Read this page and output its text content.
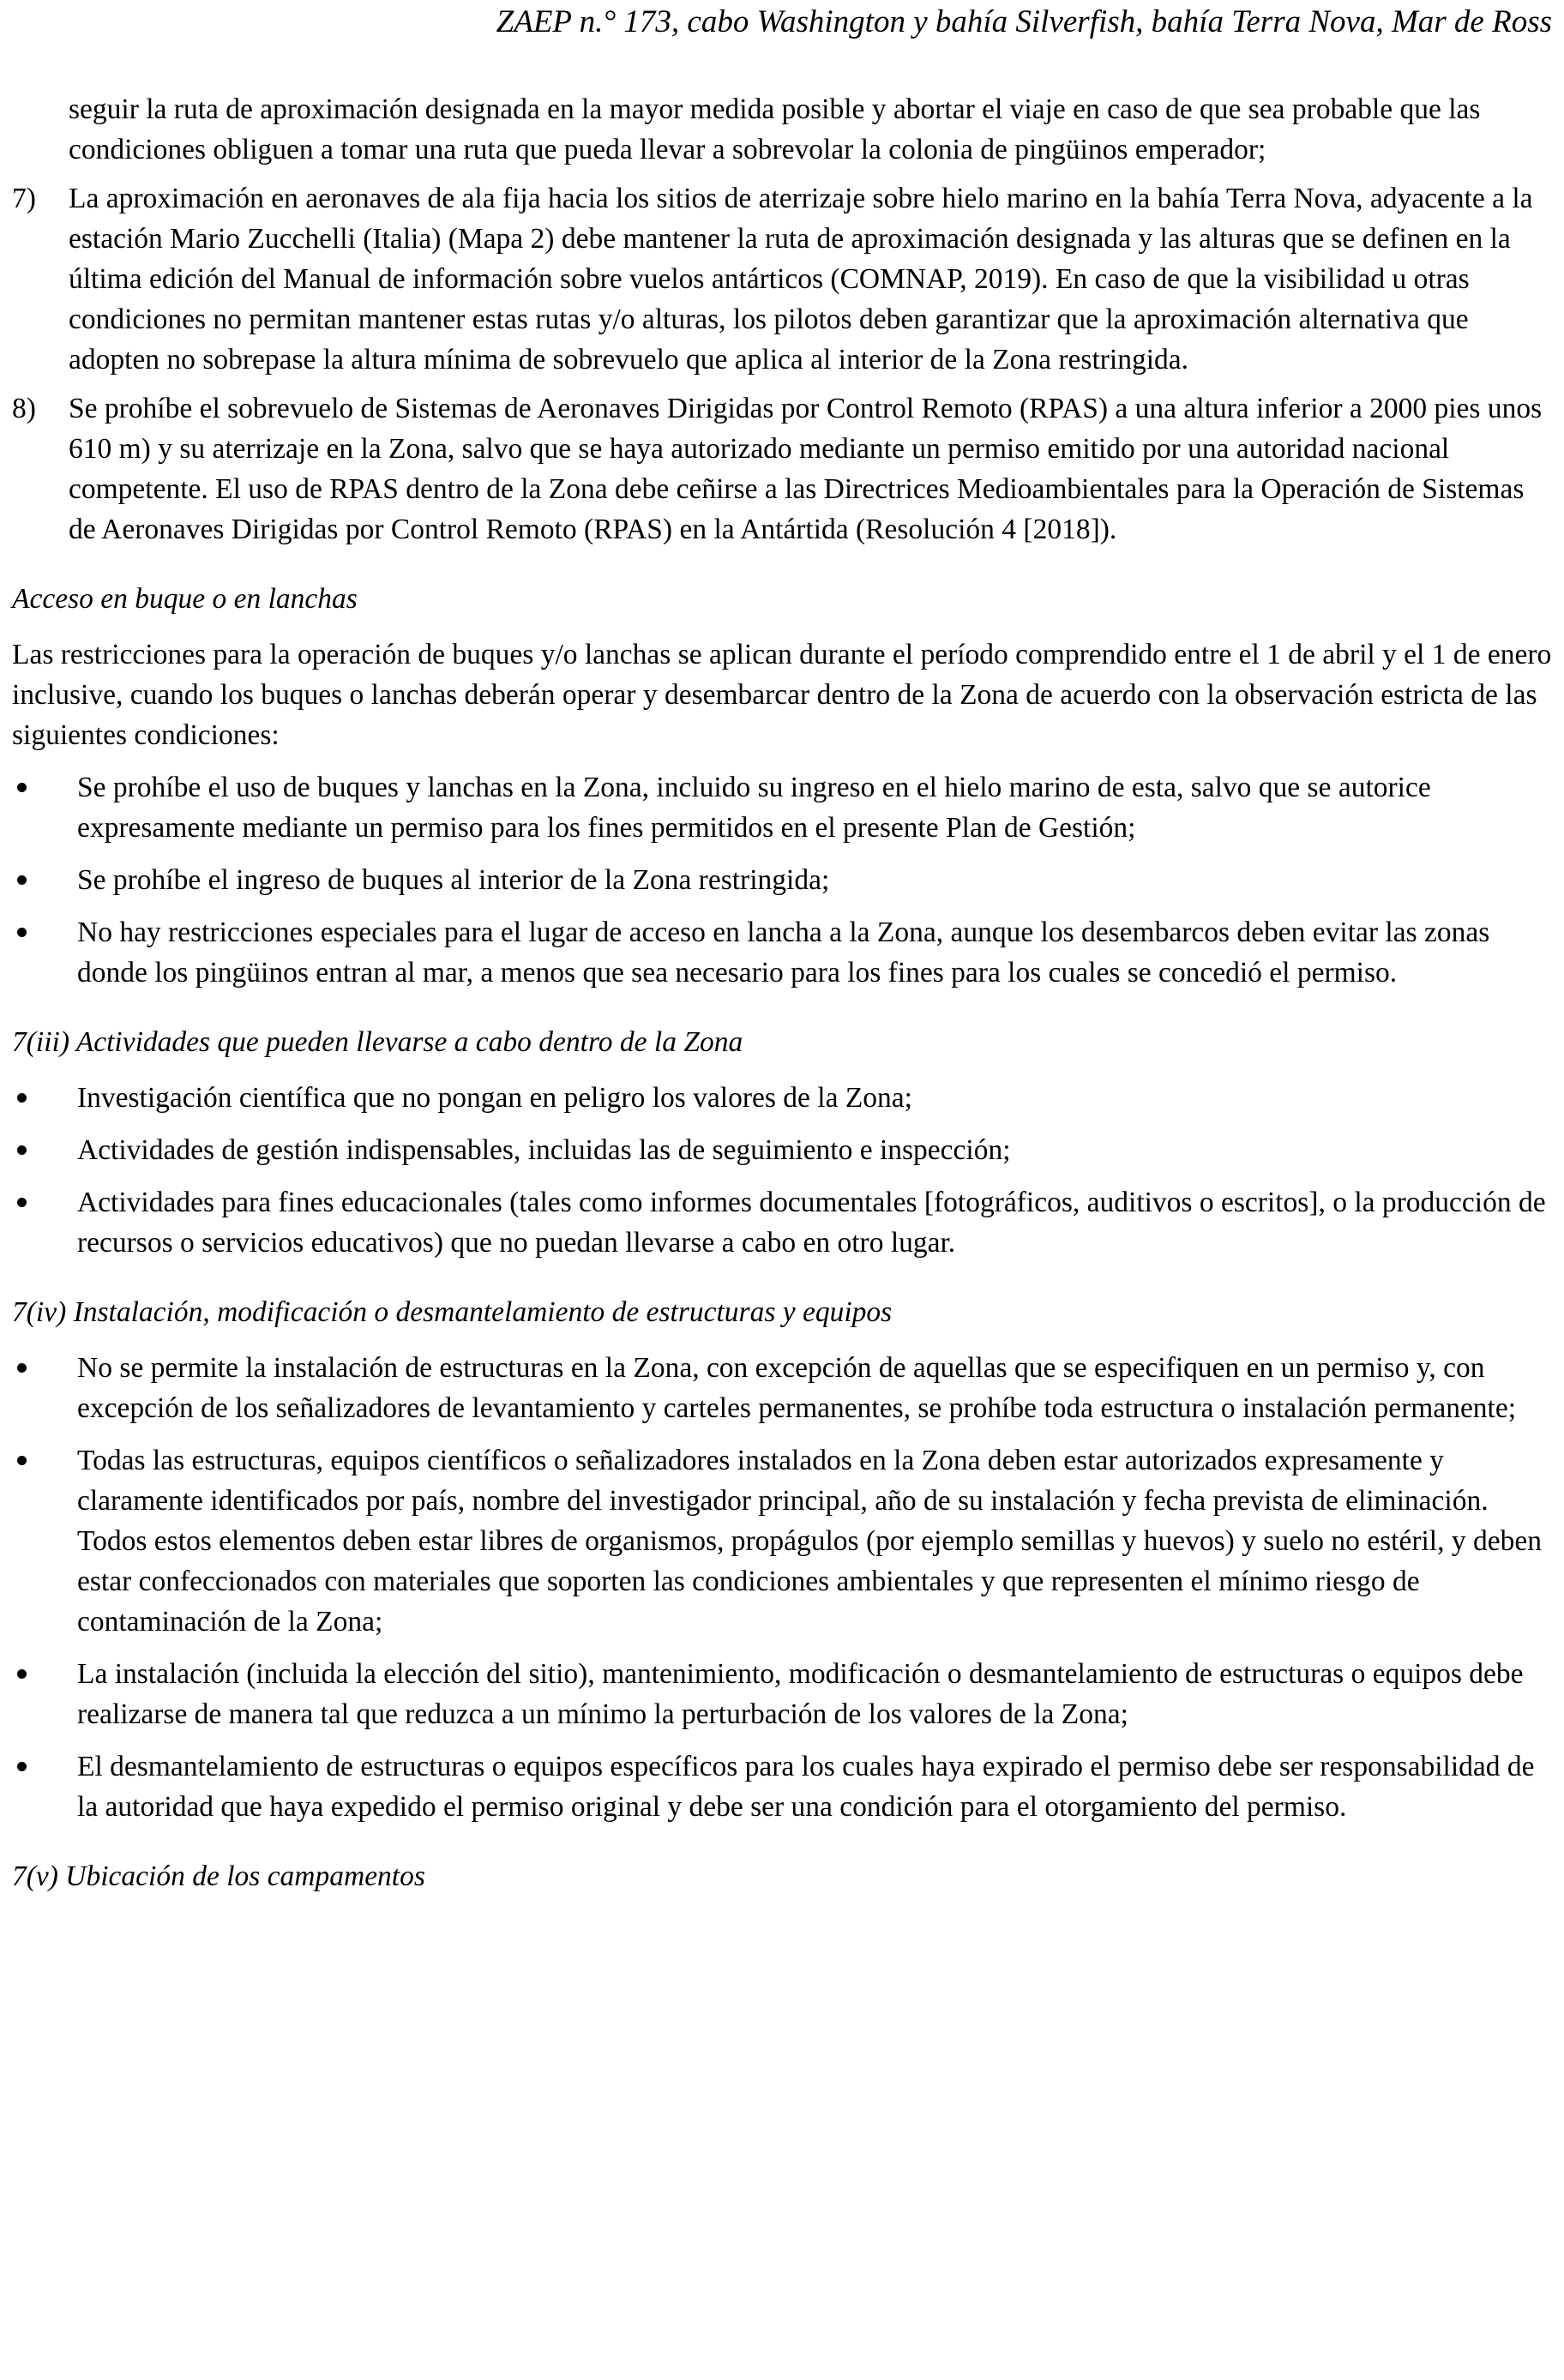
ZAEP n.° 173, cabo Washington y bahía Silverfish, bahía Terra Nova, Mar de Ross

seguir la ruta de aproximación designada en la mayor medida posible y abortar el viaje en caso de que sea probable que las condiciones obliguen a tomar una ruta que pueda llevar a sobrevolar la colonia de pingüinos emperador;

7) La aproximación en aeronaves de ala fija hacia los sitios de aterrizaje sobre hielo marino en la bahía Terra Nova, adyacente a la estación Mario Zucchelli (Italia) (Mapa 2) debe mantener la ruta de aproximación designada y las alturas que se definen en la última edición del Manual de información sobre vuelos antárticos (COMNAP, 2019). En caso de que la visibilidad u otras condiciones no permitan mantener estas rutas y/o alturas, los pilotos deben garantizar que la aproximación alternativa que adopten no sobrepase la altura mínima de sobrevuelo que aplica al interior de la Zona restringida.

8) Se prohíbe el sobrevuelo de Sistemas de Aeronaves Dirigidas por Control Remoto (RPAS) a una altura inferior a 2000 pies unos 610 m) y su aterrizaje en la Zona, salvo que se haya autorizado mediante un permiso emitido por una autoridad nacional competente. El uso de RPAS dentro de la Zona debe ceñirse a las Directrices Medioambientales para la Operación de Sistemas de Aeronaves Dirigidas por Control Remoto (RPAS) en la Antártida (Resolución 4 [2018]).

Acceso en buque o en lanchas

Las restricciones para la operación de buques y/o lanchas se aplican durante el período comprendido entre el 1 de abril y el 1 de enero inclusive, cuando los buques o lanchas deberán operar y desembarcar dentro de la Zona de acuerdo con la observación estricta de las siguientes condiciones:

Se prohíbe el uso de buques y lanchas en la Zona, incluido su ingreso en el hielo marino de esta, salvo que se autorice expresamente mediante un permiso para los fines permitidos en el presente Plan de Gestión;

Se prohíbe el ingreso de buques al interior de la Zona restringida;

No hay restricciones especiales para el lugar de acceso en lancha a la Zona, aunque los desembarcos deben evitar las zonas donde los pingüinos entran al mar, a menos que sea necesario para los fines para los cuales se concedió el permiso.

7(iii) Actividades que pueden llevarse a cabo dentro de la Zona

Investigación científica que no pongan en peligro los valores de la Zona;

Actividades de gestión indispensables, incluidas las de seguimiento e inspección;

Actividades para fines educacionales (tales como informes documentales [fotográficos, auditivos o escritos], o la producción de recursos o servicios educativos) que no puedan llevarse a cabo en otro lugar.

7(iv) Instalación, modificación o desmantelamiento de estructuras y equipos

No se permite la instalación de estructuras en la Zona, con excepción de aquellas que se especifiquen en un permiso y, con excepción de los señalizadores de levantamiento y carteles permanentes, se prohíbe toda estructura o instalación permanente;

Todas las estructuras, equipos científicos o señalizadores instalados en la Zona deben estar autorizados expresamente y claramente identificados por país, nombre del investigador principal, año de su instalación y fecha prevista de eliminación. Todos estos elementos deben estar libres de organismos, propágulos (por ejemplo semillas y huevos) y suelo no estéril, y deben estar confeccionados con materiales que soporten las condiciones ambientales y que representen el mínimo riesgo de contaminación de la Zona;

La instalación (incluida la elección del sitio), mantenimiento, modificación o desmantelamiento de estructuras o equipos debe realizarse de manera tal que reduzca a un mínimo la perturbación de los valores de la Zona;

El desmantelamiento de estructuras o equipos específicos para los cuales haya expirado el permiso debe ser responsabilidad de la autoridad que haya expedido el permiso original y debe ser una condición para el otorgamiento del permiso.

7(v) Ubicación de los campamentos
